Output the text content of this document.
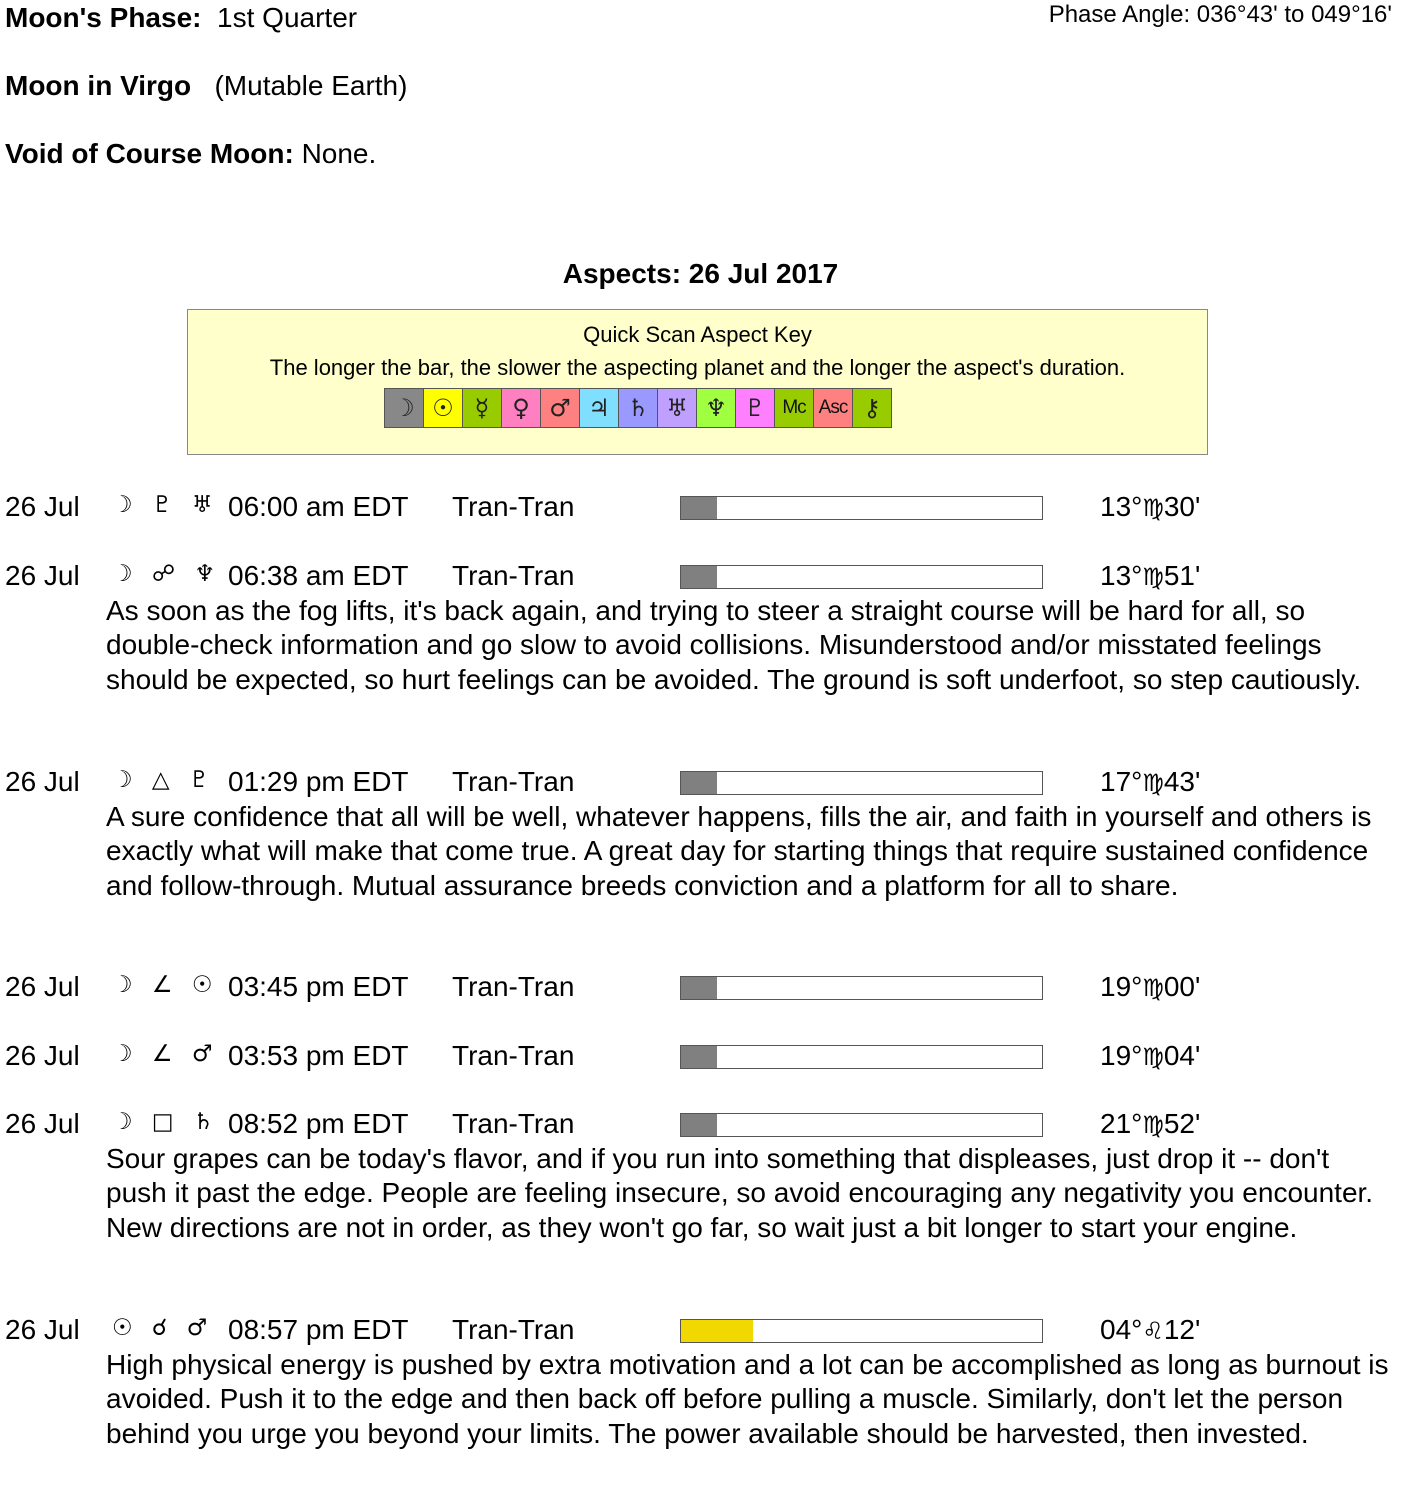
Moon's Phase: 1st Quarter	Phase Angle: 036°43' to 049°16'
Moon in Virgo (Mutable Earth)
Void of Course Moon: None.
Aspects: 26 Jul 2017
Quick Scan Aspect Key
The longer the bar, the slower the aspecting planet and the longer the aspect's duration.
☽ ☉ ☿ ♀ ♂ ♃ ♄ ♅ ♆ ♇ Mc Asc ⚷
26 Jul ☽ ♇ ♅ 06:00 am EDT Tran-Tran	13°♍30'
26 Jul ☽ ☍ ♆ 06:38 am EDT Tran-Tran	13°♍51'
As soon as the fog lifts, it's back again, and trying to steer a straight course will be hard for all, so double-check information and go slow to avoid collisions. Misunderstood and/or misstated feelings should be expected, so hurt feelings can be avoided. The ground is soft underfoot, so step cautiously.
26 Jul ☽ △ ♇ 01:29 pm EDT Tran-Tran	17°♍43'
A sure confidence that all will be well, whatever happens, fills the air, and faith in yourself and others is exactly what will make that come true. A great day for starting things that require sustained confidence and follow-through. Mutual assurance breeds conviction and a platform for all to share.
26 Jul ☽ ∠ ☉ 03:45 pm EDT Tran-Tran	19°♍00'
26 Jul ☽ ∠ ♂ 03:53 pm EDT Tran-Tran	19°♍04'
26 Jul ☽ □ ♄ 08:52 pm EDT Tran-Tran	21°♍52'
Sour grapes can be today's flavor, and if you run into something that displeases, just drop it -- don't push it past the edge. People are feeling insecure, so avoid encouraging any negativity you encounter. New directions are not in order, as they won't go far, so wait just a bit longer to start your engine.
26 Jul ☉ ☌ ♂ 08:57 pm EDT Tran-Tran	04°♌12'
High physical energy is pushed by extra motivation and a lot can be accomplished as long as burnout is avoided. Push it to the edge and then back off before pulling a muscle. Similarly, don't let the person behind you urge you beyond your limits. The power available should be harvested, then invested.
